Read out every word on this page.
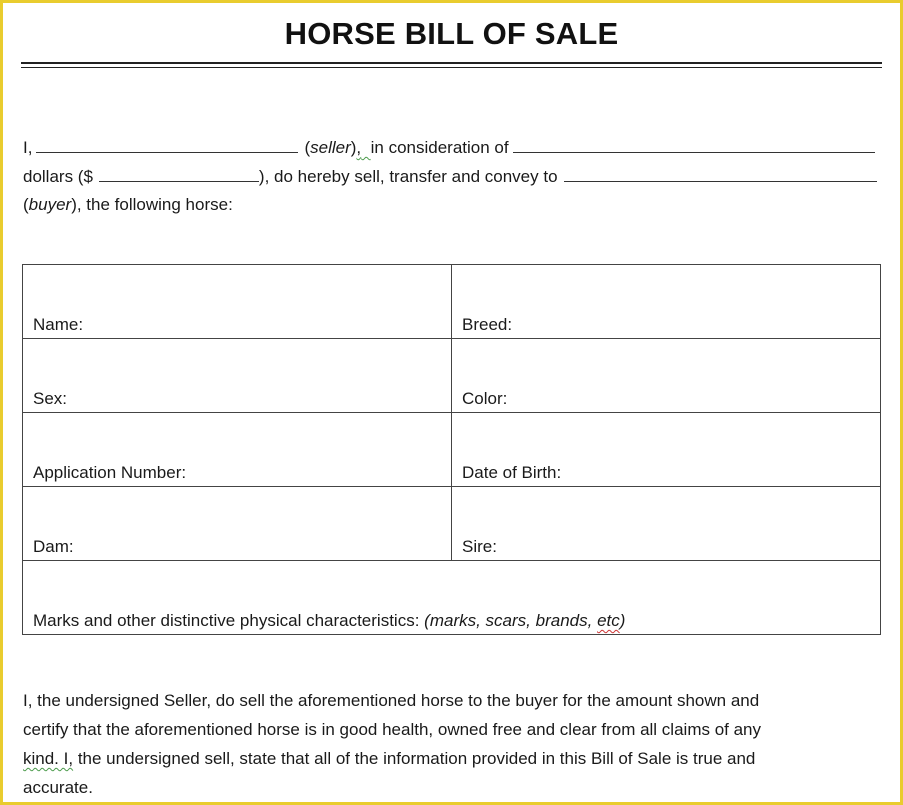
HORSE BILL OF SALE
I,	(seller), in consideration of
dollars ($	), do hereby sell, transfer and convey to
( buyer ), the following horse:
Name:	Breed:
Sex:	Color:
Application Number:	Date of Birth:
Dam:	Sire:
Marks and other distinctive physical characteristics: (marks, scars, brands, etc)	
I, the undersigned Seller, do sell the aforementioned horse to the buyer for the amount shown and
certify that the aforementioned horse is in good health, owned free and clear from all claims of any
kind. I, the undersigned sell, state that all of the information provided in this Bill of Sale is true and
accurate.
